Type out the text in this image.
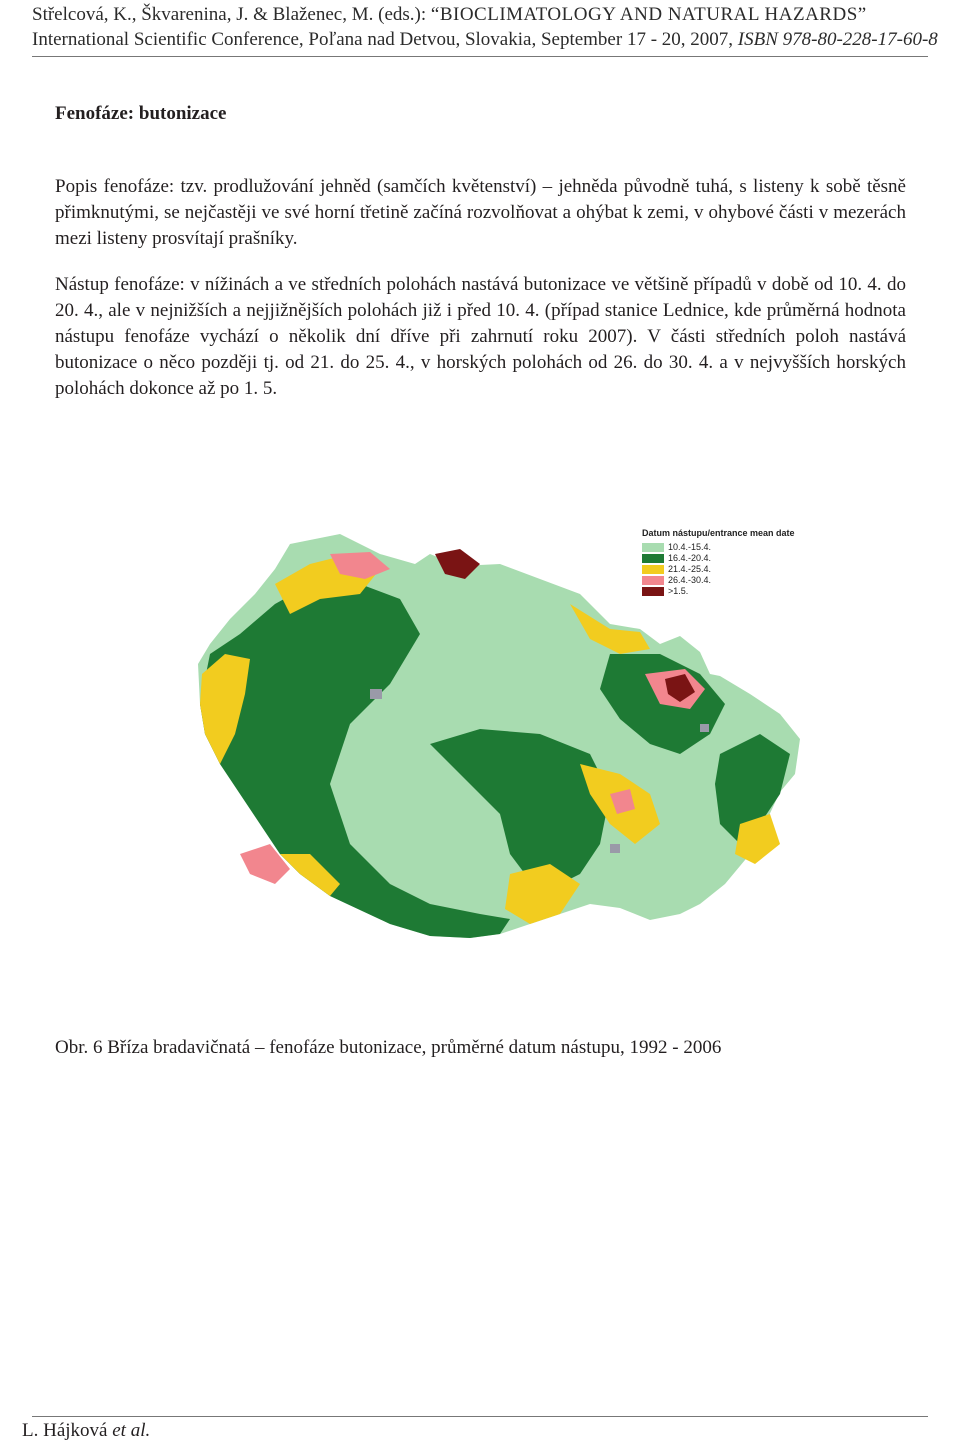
Střelcová, K., Škvarenina, J. & Blaženec, M. (eds.): “BIOCLIMATOLOGY AND NATURAL HAZARDS”
International Scientific Conference, Poľana nad Detvou, Slovakia, September 17 - 20, 2007, ISBN 978-80-228-17-60-8
Fenofáze: butonizace
Popis fenofáze: tzv. prodlužování jehněd (samčích květenství) – jehněda původně tuhá, s listeny k sobě těsně přimknutými, se nejčastěji ve své horní třetině začíná rozvolňovat a ohýbat k zemi, v ohybové části v mezerách mezi listeny prosvítají prašníky.
Nástup fenofáze: v nížinách a ve středních polohách nastává butonizace ve většině případů v době od 10. 4. do 20. 4., ale v nejnižších a nejjižnějších polohách již i před 10. 4. (případ stanice Lednice, kde průměrná hodnota nástupu fenofáze vychází o několik dní dříve při zahrnutí roku 2007). V části středních poloh nastává butonizace o něco později tj. od 21. do 25. 4., v horských polohách od 26. do 30. 4. a v nejvyšších horských polohách dokonce až po 1. 5.
Datum nástupu/entrance mean date
10.4.-15.4.
16.4.-20.4.
21.4.-25.4.
26.4.-30.4.
>1.5.
Obr. 6 Bříza bradavičnatá – fenofáze butonizace, průměrné datum nástupu, 1992 - 2006
L. Hájková et al.
